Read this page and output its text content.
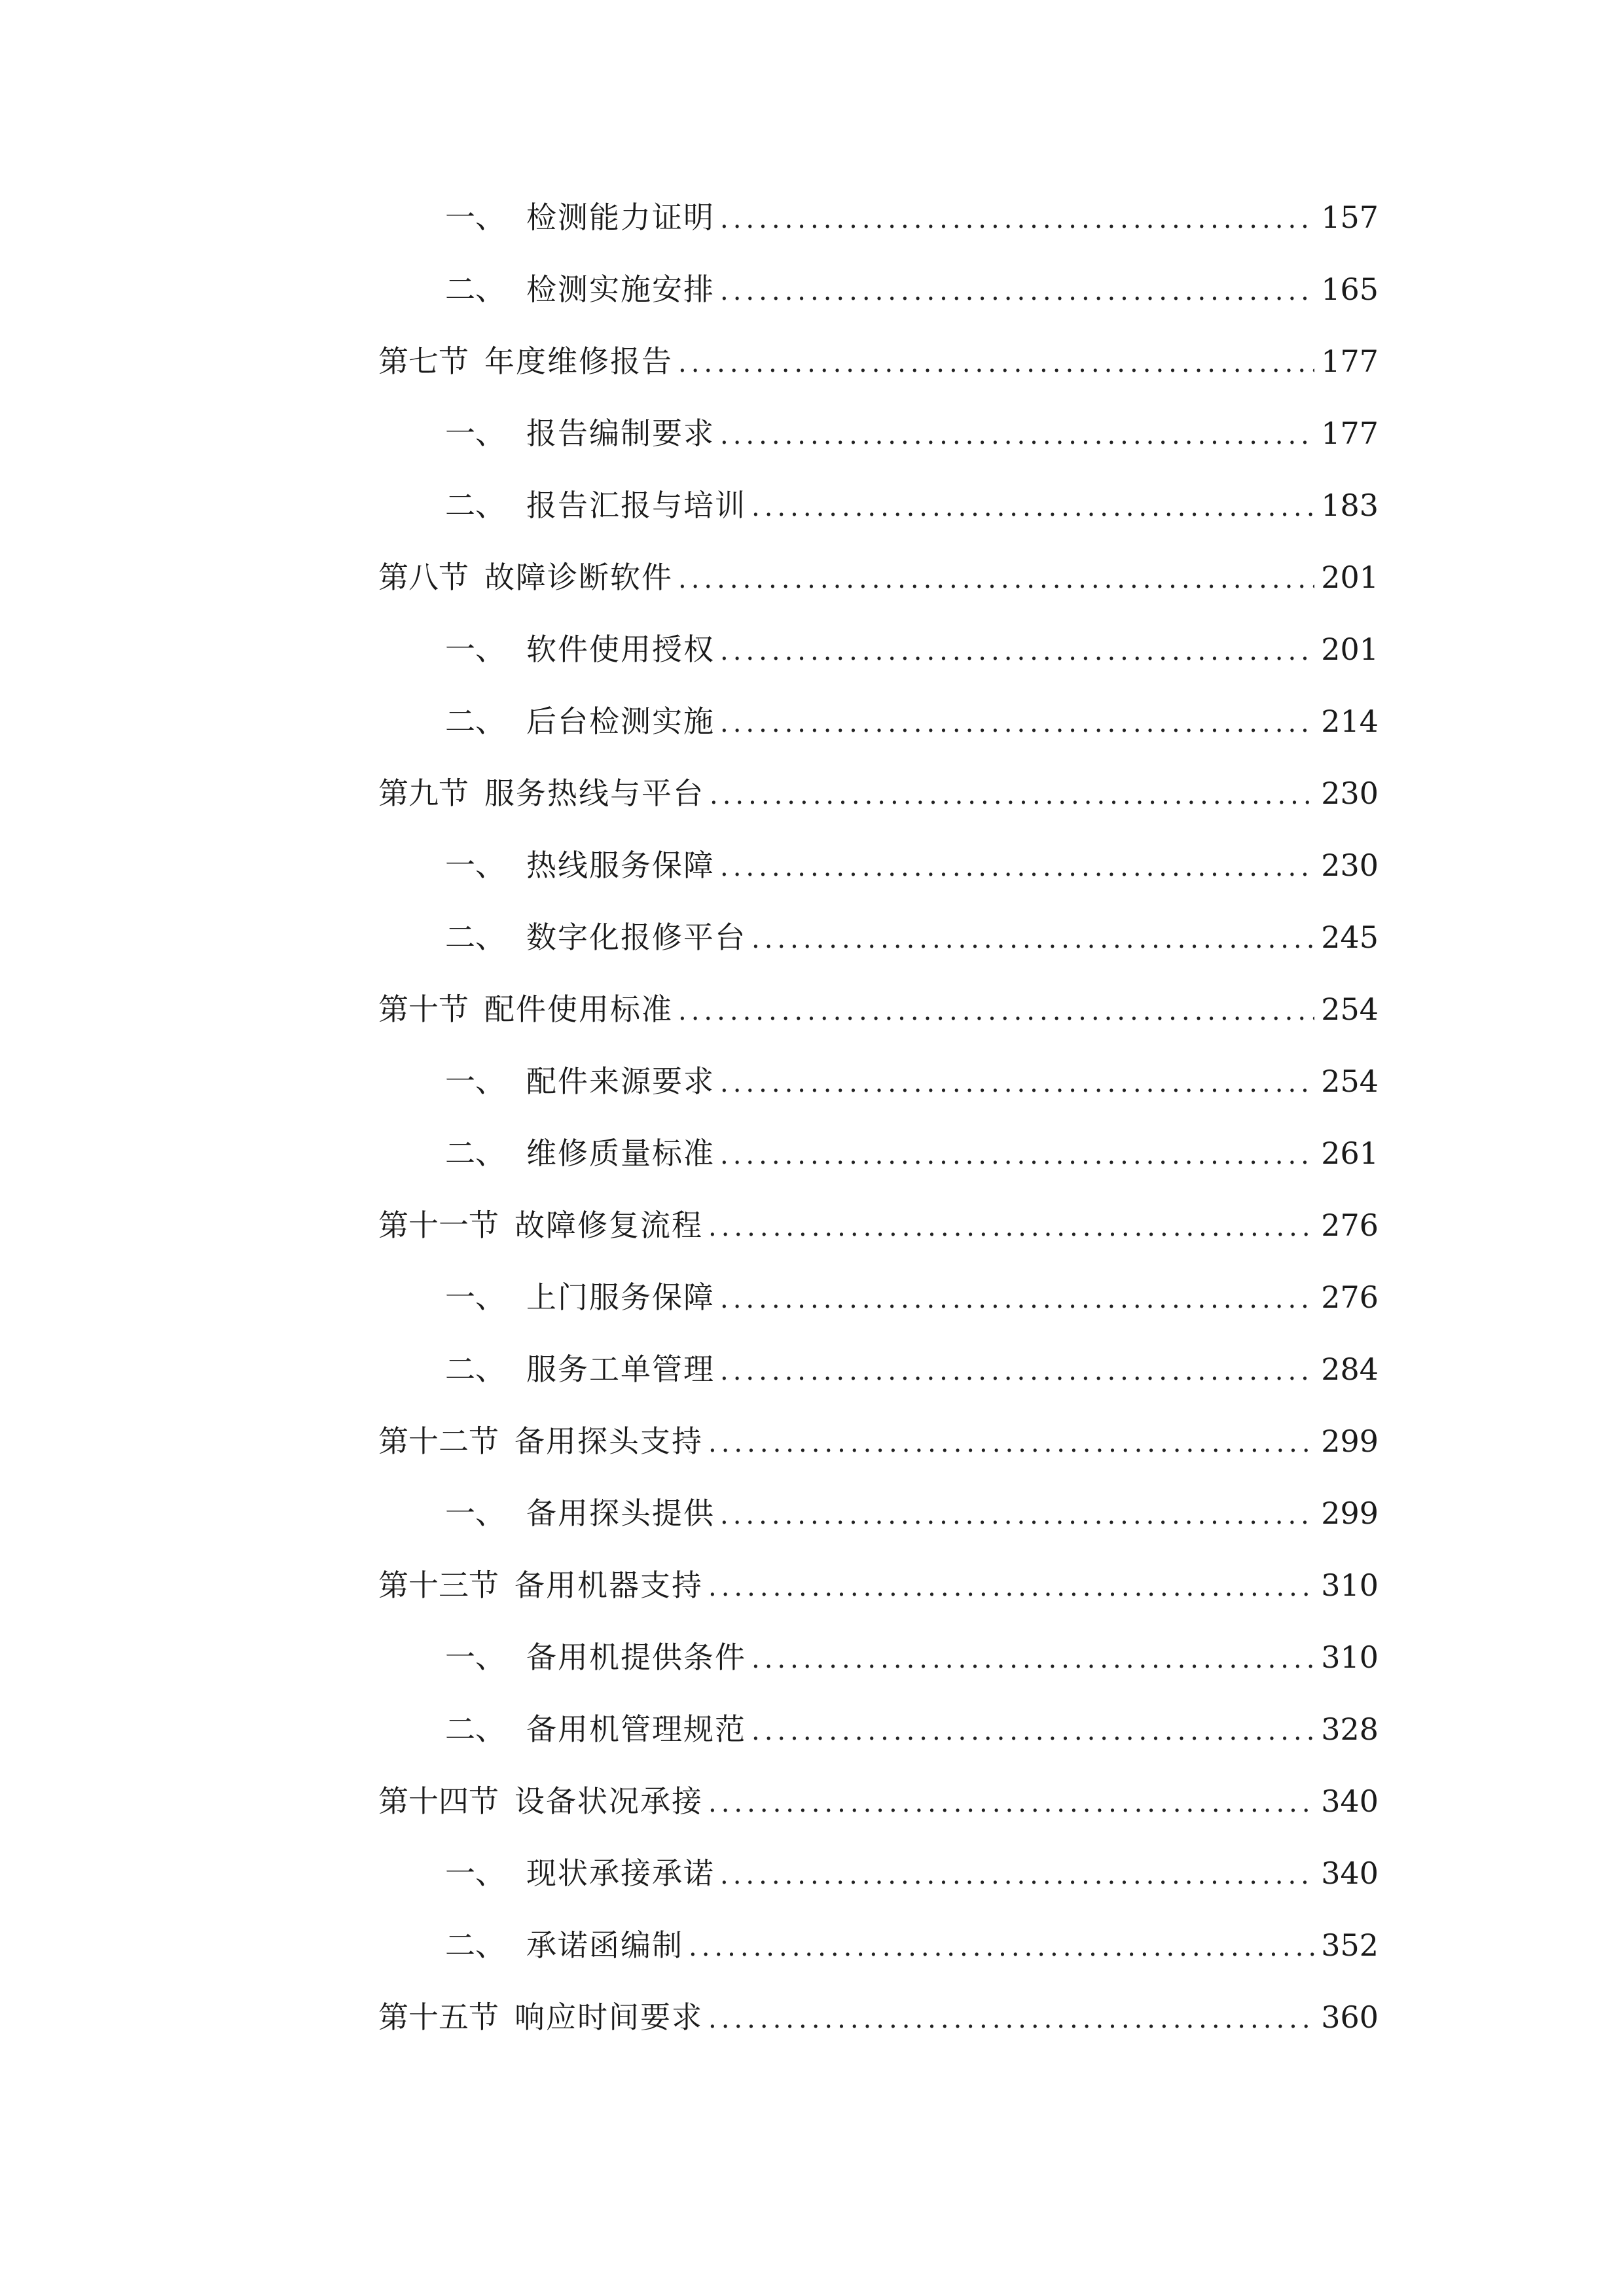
一、 检测能力证明 .....	157
二、 检测实施安排 .....	165
第七节 年度维修报告 .....	177
一、 报告编制要求 .....	177
二、 报告汇报与培训 .....	183
第八节 故障诊断软件 .....	201
一、 软件使用授权 .....	201
二、 后台检测实施 .....	214
第九节 服务热线与平台 .....	230
一、 热线服务保障 .....	230
二、 数字化报修平台 .....	245
第十节 配件使用标准 .....	254
一、 配件来源要求 .....	254
二、 维修质量标准 .....	261
第十一节 故障修复流程 .....	276
一、 上门服务保障 .....	276
二、 服务工单管理 .....	284
第十二节 备用探头支持 .....	299
一、 备用探头提供 .....	299
第十三节 备用机器支持 .....	310
一、 备用机提供条件 .....	310
二、 备用机管理规范 .....	328
第十四节 设备状况承接 .....	340
一、 现状承接承诺 .....	340
二、 承诺函编制 .....	352
第十五节 响应时间要求 .....	360
